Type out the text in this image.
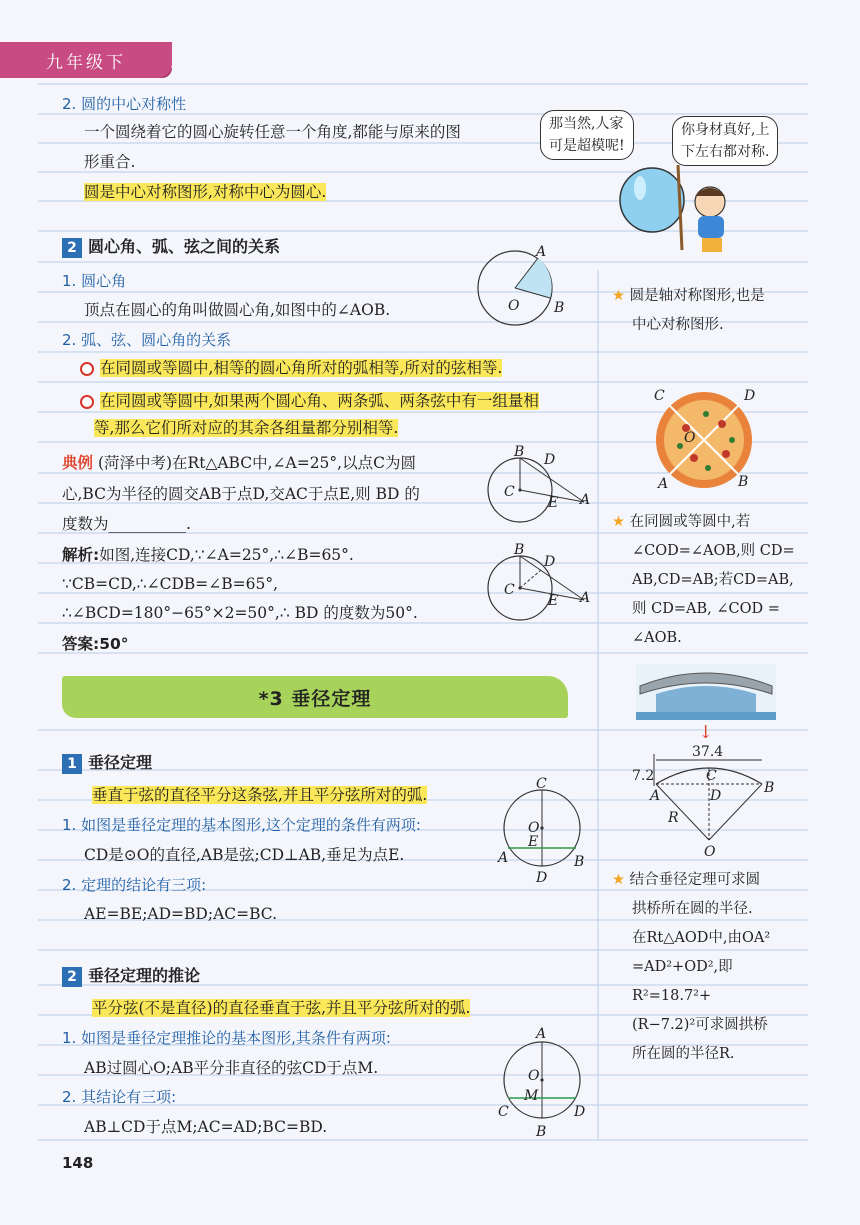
九年级下
2. 圆的中心对称性
一个圆绕着它的圆心旋转任意一个角度,都能与原来的图
形重合.
圆是中心对称图形,对称中心为圆心.
那当然,人家
可是超模呢!
你身材真好,上
下左右都对称.
2 圆心角、弧、弦之间的关系
1. 圆心角
顶点在圆心的角叫做圆心角,如图中的∠AOB.
2. 弧、弦、圆心角的关系
在同圆或等圆中,相等的圆心角所对的弧相等,所对的弦相等.
在同圆或等圆中,如果两个圆心角、两条弧、两条弦中有一组量相
等,那么它们所对应的其余各组量都分别相等.
A
B
O
典例 (菏泽中考)在Rt△ABC中,∠A=25°,以点C为圆
心,BC为半径的圆交AB于点D,交AC于点E,则 BD 的
度数为__________.
解析:如图,连接CD,∵∠A=25°,∴∠B=65°.
∵CB=CD,∴∠CDB=∠B=65°,
∴∠BCD=180°−65°×2=50°,∴ BD 的度数为50°.
答案:50°
B D
C
E A
B
D
C
E A
*3 垂径定理
1 垂径定理
垂直于弦的直径平分这条弦,并且平分弦所对的弧.
1. 如图是垂径定理的基本图形,这个定理的条件有两项:
CD是⊙O的直径,AB是弦;CD⊥AB,垂足为点E.
2. 定理的结论有三项:
AE=BE;AD=BD;AC=BC.
C
O
E
A	B
D
2 垂径定理的推论
平分弦(不是直径)的直径垂直于弦,并且平分弦所对的弧.
1. 如图是垂径定理推论的基本图形,其条件有两项:
AB过圆心O;AB平分非直径的弦CD于点M.
2. 其结论有三项:
AB⊥CD于点M;AC=AD;BC=BD.
A
O
M
C	D
B
★ 圆是轴对称图形,也是
中心对称图形.
C	D
O
A	B
★ 在同圆或等圆中,若
∠COD=∠AOB,则 CD=
AB,CD=AB;若CD=AB,
则 CD=AB, ∠COD =
∠AOB.
↓
37.4
7.2	C
A	B
D
R
O
★ 结合垂径定理可求圆
拱桥所在圆的半径.
在Rt△AOD中,由OA²
=AD²+OD²,即R²=18.7²+
(R−7.2)²可求圆拱桥
所在圆的半径R.
148
